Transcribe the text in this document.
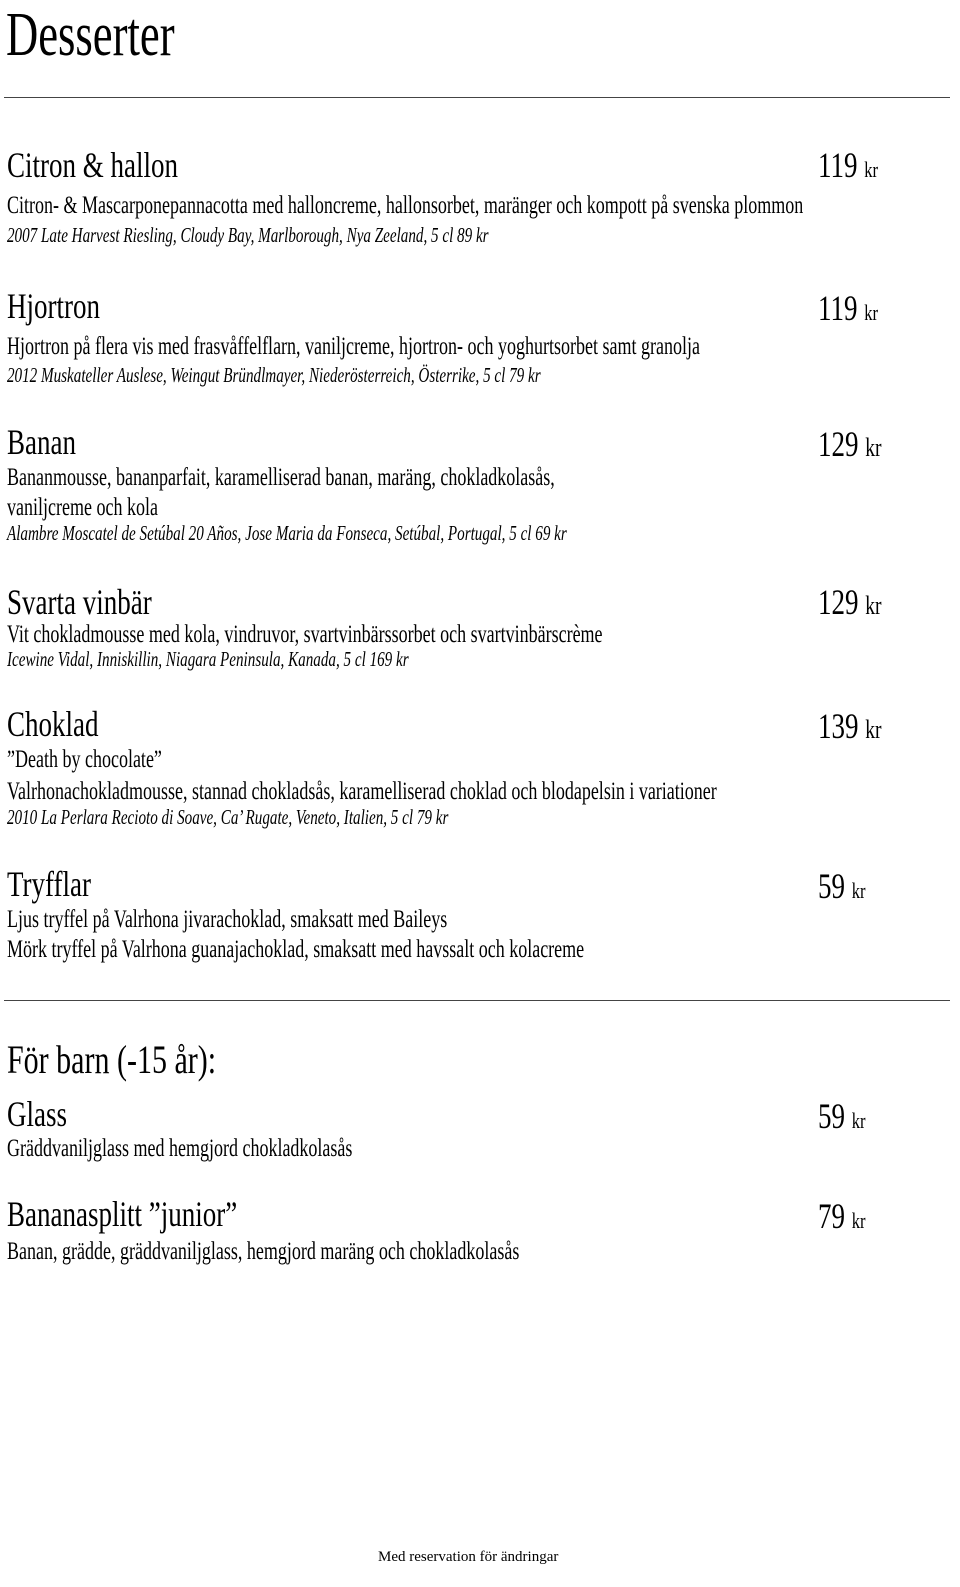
Desserter
Citron & hallon	119 kr
Citron- & Mascarponepannacotta med halloncreme, hallonsorbet, maränger och kompott på svenska plommon
2007 Late Harvest Riesling, Cloudy Bay, Marlborough, Nya Zeeland, 5 cl 89 kr
Hjortron	119 kr
Hjortron på flera vis med frasvåffelflarn, vaniljcreme, hjortron- och yoghurtsorbet samt granolja
2012 Muskateller Auslese, Weingut Bründlmayer, Niederösterreich, Österrike, 5 cl 79 kr
Banan	129 kr
Bananmousse, bananparfait, karamelliserad banan, maräng, chokladkolasås,
vaniljcreme och kola
Alambre Moscatel de Setúbal 20 Años, Jose Maria da Fonseca, Setúbal, Portugal, 5 cl 69 kr
Svarta vinbär	129 kr
Vit chokladmousse med kola, vindruvor, svartvinbärssorbet och svartvinbärscrème
Icewine Vidal, Inniskillin, Niagara Peninsula, Kanada, 5 cl 169 kr
Choklad	139 kr
”Death by chocolate”
Valrhonachokladmousse, stannad chokladsås, karamelliserad choklad och blodapelsin i variationer
2010 La Perlara Recioto di Soave, Ca’ Rugate, Veneto, Italien, 5 cl 79 kr
Tryfflar	59 kr
Ljus tryffel på Valrhona jivarachoklad, smaksatt med Baileys
Mörk tryffel på Valrhona guanajachoklad, smaksatt med havssalt och kolacreme
För barn (-15 år):
Glass	59 kr
Gräddvaniljglass med hemgjord chokladkolasås
Bananasplitt ”junior”	79 kr
Banan, grädde, gräddvaniljglass, hemgjord maräng och chokladkolasås
Med reservation för ändringar
